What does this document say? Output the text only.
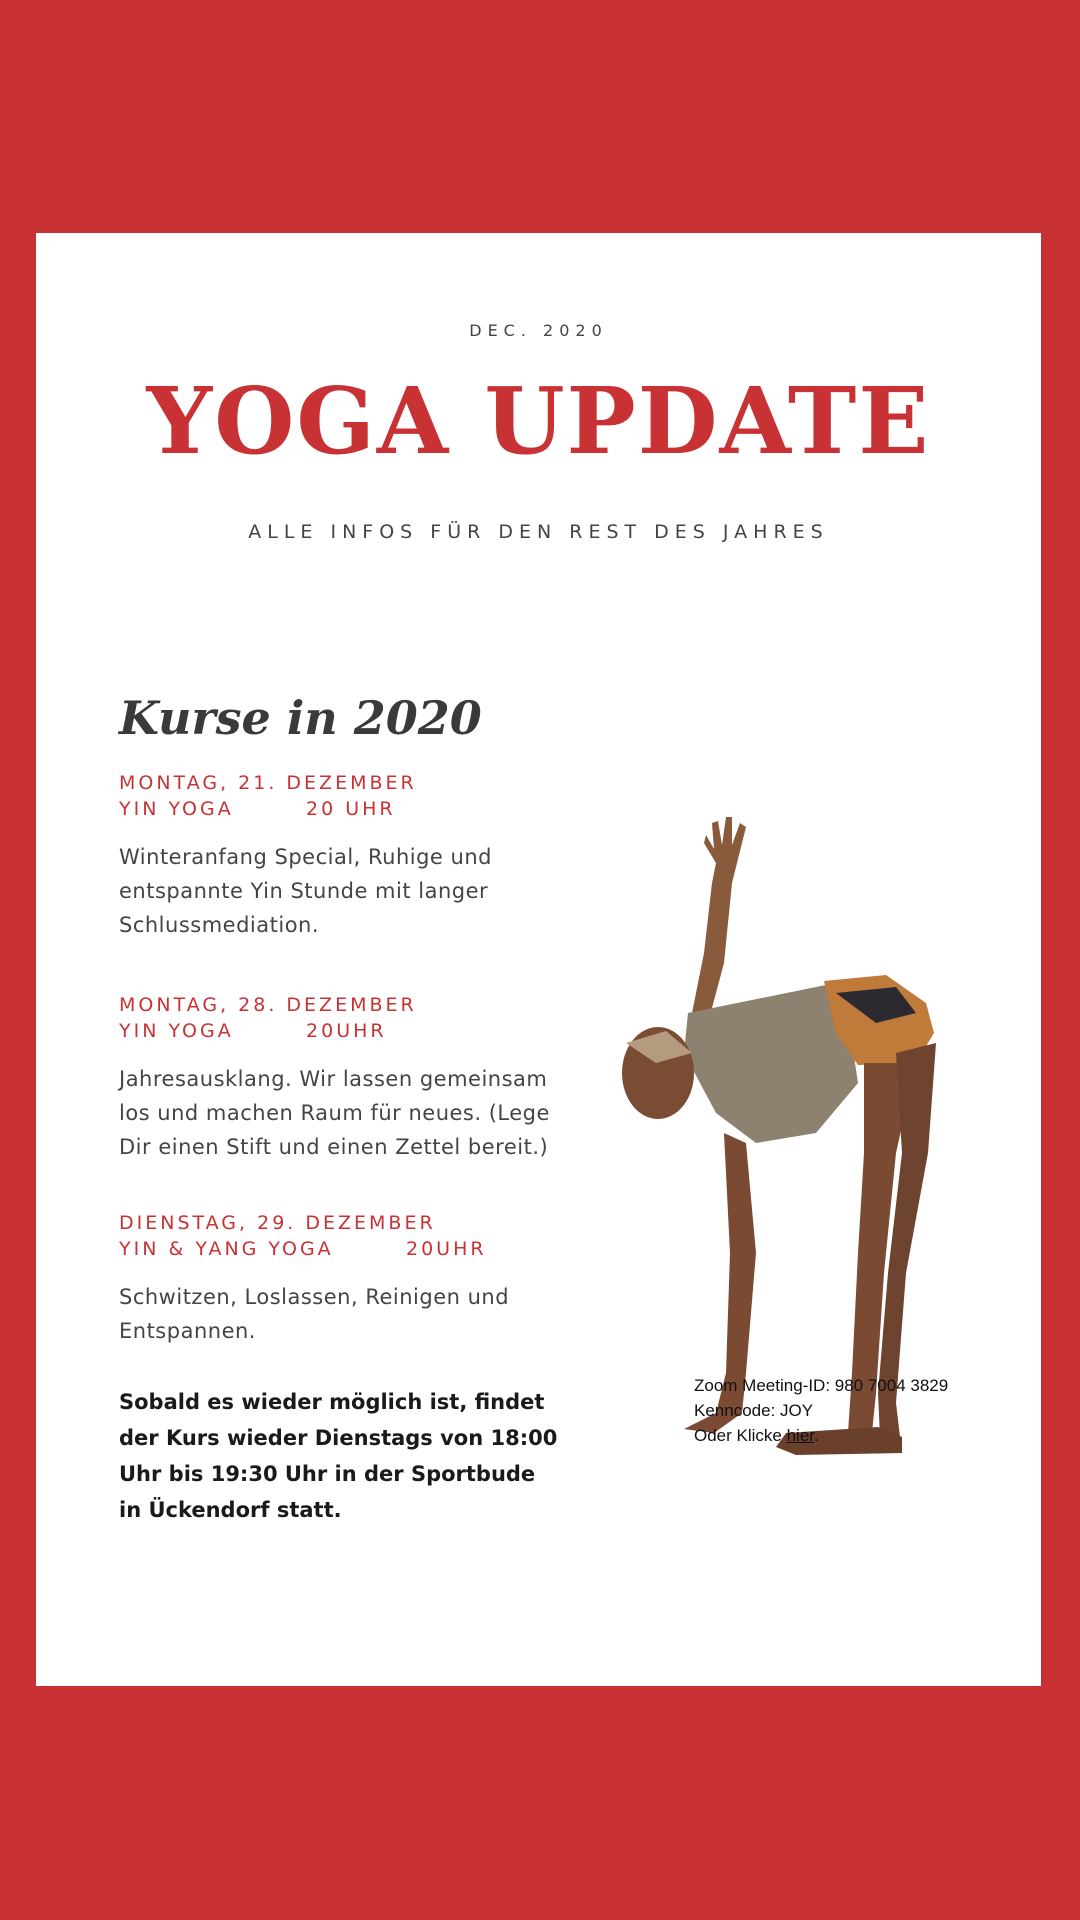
DEC. 2020
YOGA UPDATE
ALLE INFOS FÜR DEN REST DES JAHRES
Kurse in 2020
MONTAG, 21. DEZEMBER
YIN YOGA        20 UHR
Winteranfang Special, Ruhige und entspannte Yin Stunde mit langer Schlussmediation.
MONTAG, 28. DEZEMBER
YIN YOGA        20UHR
Jahresausklang. Wir lassen gemeinsam los und machen Raum für neues. (Lege Dir einen Stift und einen Zettel bereit.)
DIENSTAG, 29. DEZEMBER
YIN & YANG YOGA        20UHR
Schwitzen, Loslassen, Reinigen und Entspannen.
Sobald es wieder möglich ist, findet der Kurs wieder Dienstags von 18:00 Uhr bis 19:30 Uhr in der Sportbude in Ückendorf statt.
Zoom Meeting-ID: 980 7004 3829
Kenncode: JOY
Oder Klicke hier.
